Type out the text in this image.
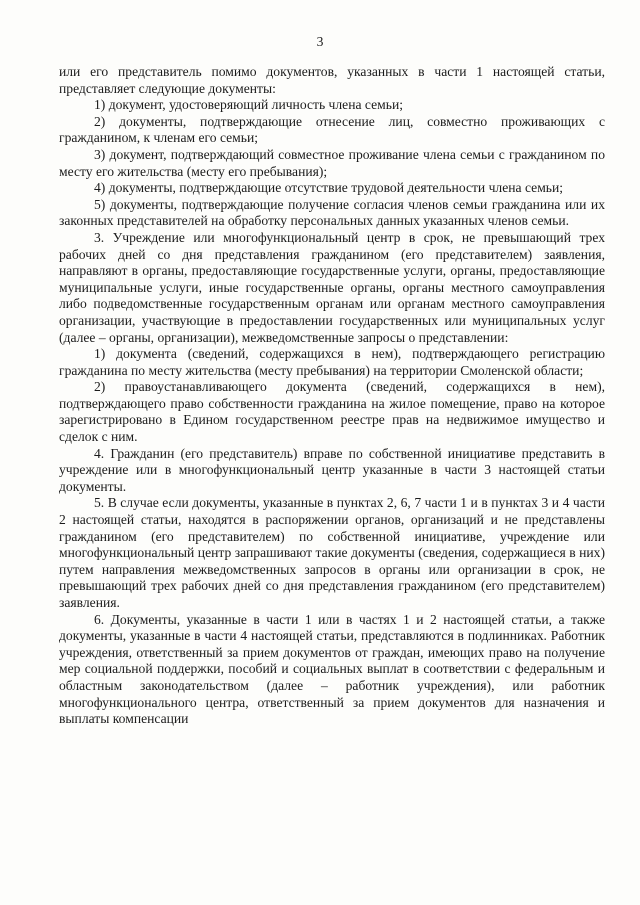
3

или его представитель помимо документов, указанных в части 1 настоящей статьи, представляет следующие документы:

1) документ, удостоверяющий личность члена семьи;

2) документы, подтверждающие отнесение лиц, совместно проживающих с гражданином, к членам его семьи;

3) документ, подтверждающий совместное проживание члена семьи с гражданином по месту его жительства (месту его пребывания);

4) документы, подтверждающие отсутствие трудовой деятельности члена семьи;

5) документы, подтверждающие получение согласия членов семьи гражданина или их законных представителей на обработку персональных данных указанных членов семьи.

3. Учреждение или многофункциональный центр в срок, не превышающий трех рабочих дней со дня представления гражданином (его представителем) заявления, направляют в органы, предоставляющие государственные услуги, органы, предоставляющие муниципальные услуги, иные государственные органы, органы местного самоуправления либо подведомственные государственным органам или органам местного самоуправления организации, участвующие в предоставлении государственных или муниципальных услуг (далее – органы, организации), межведомственные запросы о представлении:

1) документа (сведений, содержащихся в нем), подтверждающего регистрацию гражданина по месту жительства (месту пребывания) на территории Смоленской области;

2) правоустанавливающего документа (сведений, содержащихся в нем), подтверждающего право собственности гражданина на жилое помещение, право на которое зарегистрировано в Едином государственном реестре прав на недвижимое имущество и сделок с ним.

4. Гражданин (его представитель) вправе по собственной инициативе представить в учреждение или в многофункциональный центр указанные в части 3 настоящей статьи документы.

5. В случае если документы, указанные в пунктах 2, 6, 7 части 1 и в пунктах 3 и 4 части 2 настоящей статьи, находятся в распоряжении органов, организаций и не представлены гражданином (его представителем) по собственной инициативе, учреждение или многофункциональный центр запрашивают такие документы (сведения, содержащиеся в них) путем направления межведомственных запросов в органы или организации в срок, не превышающий трех рабочих дней со дня представления гражданином (его представителем) заявления.

6. Документы, указанные в части 1 или в частях 1 и 2 настоящей статьи, а также документы, указанные в части 4 настоящей статьи, представляются в подлинниках. Работник учреждения, ответственный за прием документов от граждан, имеющих право на получение мер социальной поддержки, пособий и социальных выплат в соответствии с федеральным и областным законодательством (далее – работник учреждения), или работник многофункционального центра, ответственный за прием документов для назначения и выплаты компенсации
